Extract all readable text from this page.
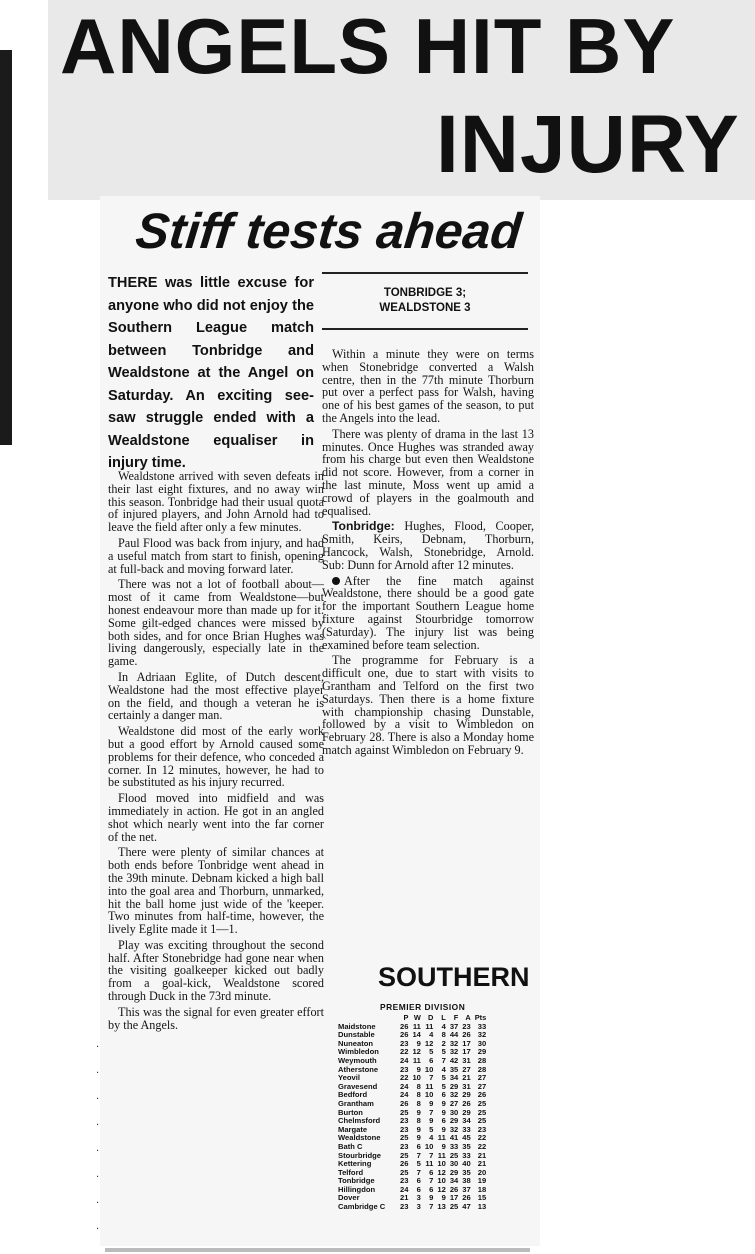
ANGELS HIT BY
INJURY
Stiff tests ahead
THERE was little excuse for anyone who did not enjoy the Southern League match between Tonbridge and Wealdstone at the Angel on Saturday. An exciting see-saw struggle ended with a Wealdstone equaliser in injury time.
TONBRIDGE 3;
WEALDSTONE 3

Wealdstone arrived with seven defeats in their last eight fixtures, and no away win this season. Tonbridge had their usual quota of injured players, and John Arnold had to leave the field after only a few minutes.

Paul Flood was back from injury, and had a useful match from start to finish, opening at full-back and moving forward later.

There was not a lot of football about—most of it came from Wealdstone—but honest endeavour more than made up for it. Some gilt-edged chances were missed by both sides, and for once Brian Hughes was living dangerously, especially late in the game.

In Adriaan Eglite, of Dutch descent, Wealdstone had the most effective player on the field, and though a veteran he is certainly a danger man.

Wealdstone did most of the early work but a good effort by Arnold caused some problems for their defence, who conceded a corner. In 12 minutes, however, he had to be substituted as his injury recurred.

Flood moved into midfield and was immediately in action. He got in an angled shot which nearly went into the far corner of the net.

There were plenty of similar chances at both ends before Tonbridge went ahead in the 39th minute. Debnam kicked a high ball into the goal area and Thorburn, unmarked, hit the ball home just wide of the 'keeper. Two minutes from half-time, however, the lively Eglite made it 1—1.

Play was exciting throughout the second half. After Stonebridge had gone near when the visiting goalkeeper kicked out badly from a goal-kick, Wealdstone scored through Duck in the 73rd minute.

This was the signal for even greater effort by the Angels.

Within a minute they were on terms when Stonebridge converted a Walsh centre, then in the 77th minute Thorburn put over a perfect pass for Walsh, having one of his best games of the season, to put the Angels into the lead.

There was plenty of drama in the last 13 minutes. Once Hughes was stranded away from his charge but even then Wealdstone did not score. However, from a corner in the last minute, Moss went up amid a crowd of players in the goalmouth and equalised.

Tonbridge: Hughes, Flood, Cooper, Smith, Keirs, Debnam, Thorburn, Hancock, Walsh, Stonebridge, Arnold. Sub: Dunn for Arnold after 12 minutes.

After the fine match against Wealdstone, there should be a good gate for the important Southern League home fixture against Stourbridge tomorrow (Saturday). The injury list was being examined before team selection.

The programme for February is a difficult one, due to start with visits to Grantham and Telford on the first two Saturdays. Then there is a home fixture with championship chasing Dunstable, followed by a visit to Wimbledon on February 28. There is also a Monday home match against Wimbledon on February 9.

SOUTHERN
PREMIER DIVISION
	P	W	D	L	F	A	Pts
Maidstone	26	11	11	4	37	23	33
Dunstable	26	14	4	8	44	26	32
Nuneaton	23	9	12	2	32	17	30
Wimbledon	22	12	5	5	32	17	29
Weymouth	24	11	6	7	42	31	28
Atherstone	23	9	10	4	35	27	28
Yeovil	22	10	7	5	34	21	27
Gravesend	24	8	11	5	29	31	27
Bedford	24	8	10	6	32	29	26
Grantham	26	8	9	9	27	26	25
Burton	25	9	7	9	30	29	25
Chelmsford	23	8	9	6	29	34	25
Margate	23	9	5	9	32	33	23
Wealdstone	25	9	4	11	41	45	22
Bath C	23	6	10	9	33	35	22
Stourbridge	25	7	7	11	25	33	21
Kettering	26	5	11	10	30	40	21
Telford	25	7	6	12	29	35	20
Tonbridge	23	6	7	10	34	38	19
Hillingdon	24	6	6	12	26	37	18
Dover	21	3	9	9	17	26	15
Cambridge C	23	3	7	13	25	47	13
·
·
·
·
·
·
·
·
